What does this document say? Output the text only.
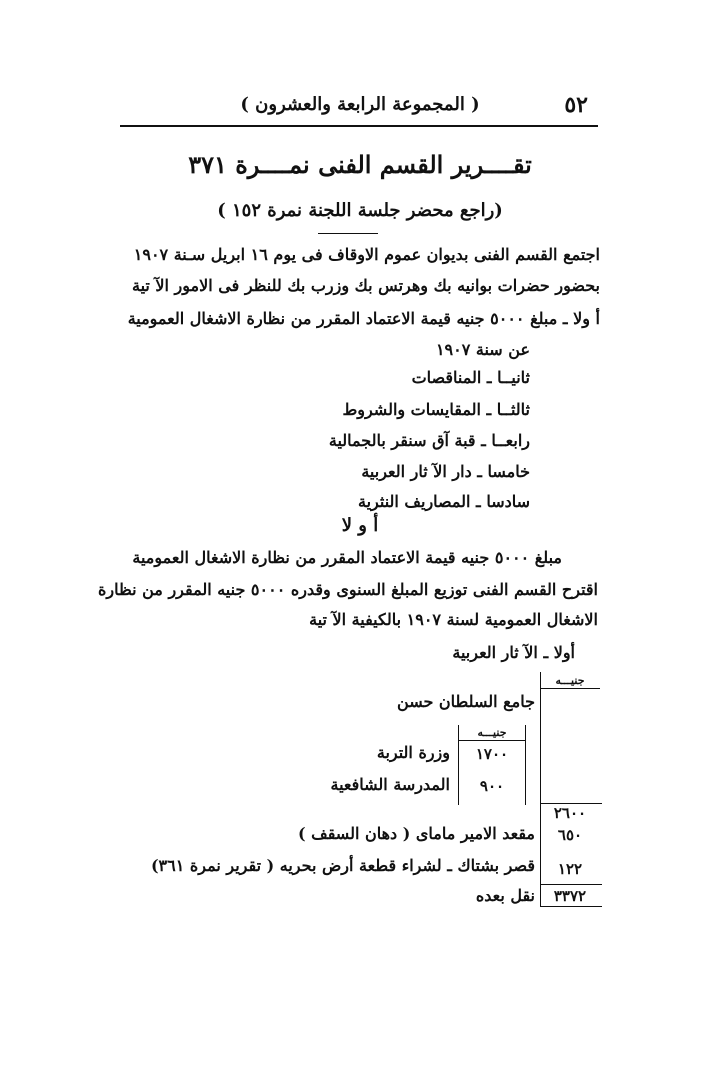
٥٢
( المجموعة الرابعة والعشرون )
تقــــرير القسم الفنى نمــــرة ٣٧١
(راجع محضر جلسة اللجنة نمرة ١٥٢ )
اجتمع القسم الفنى بديوان عموم الاوقاف فى يوم ١٦ ابريل سـنة ١٩٠٧
بحضور حضرات بوانيه بك وهرتس بك وزرب بك للنظر فى الامور الآ تية
أ ولا ـ مبلغ ٥٠٠٠ جنيه قيمة الاعتماد المقرر من نظارة الاشغال العمومية
عن سنة ١٩٠٧
ثانيــا ـ المناقصات
ثالثــا ـ المقايسات والشروط
رابعــا ـ قبة آق سنقر بالجمالية
خامسا ـ دار الآ ثار العربية
سادسا ـ المصاريف النثرية
أ و لا
مبلغ ٥٠٠٠ جنيه قيمة الاعتماد المقرر من نظارة الاشغال العمومية
اقترح القسم الفنى توزيع المبلغ السنوى وقدره ٥٠٠٠ جنيه المقرر من نظارة
الاشغال العمومية لسنة ١٩٠٧ بالكيفية الآ تية
أولا ـ الآ ثار العربية
جنيـــه
جامع السلطان حسن
جنيـــه
١٧٠٠
وزرة التربة
٩٠٠
المدرسة الشافعية
٢٦٠٠
٦٥٠
مقعد الامير ماماى ( دهان السقف )
١٢٢
قصر بشتاك ـ لشراء قطعة أرض بحريه ( تقرير نمرة ٣٦١)
٣٣٧٢
نقل بعده
